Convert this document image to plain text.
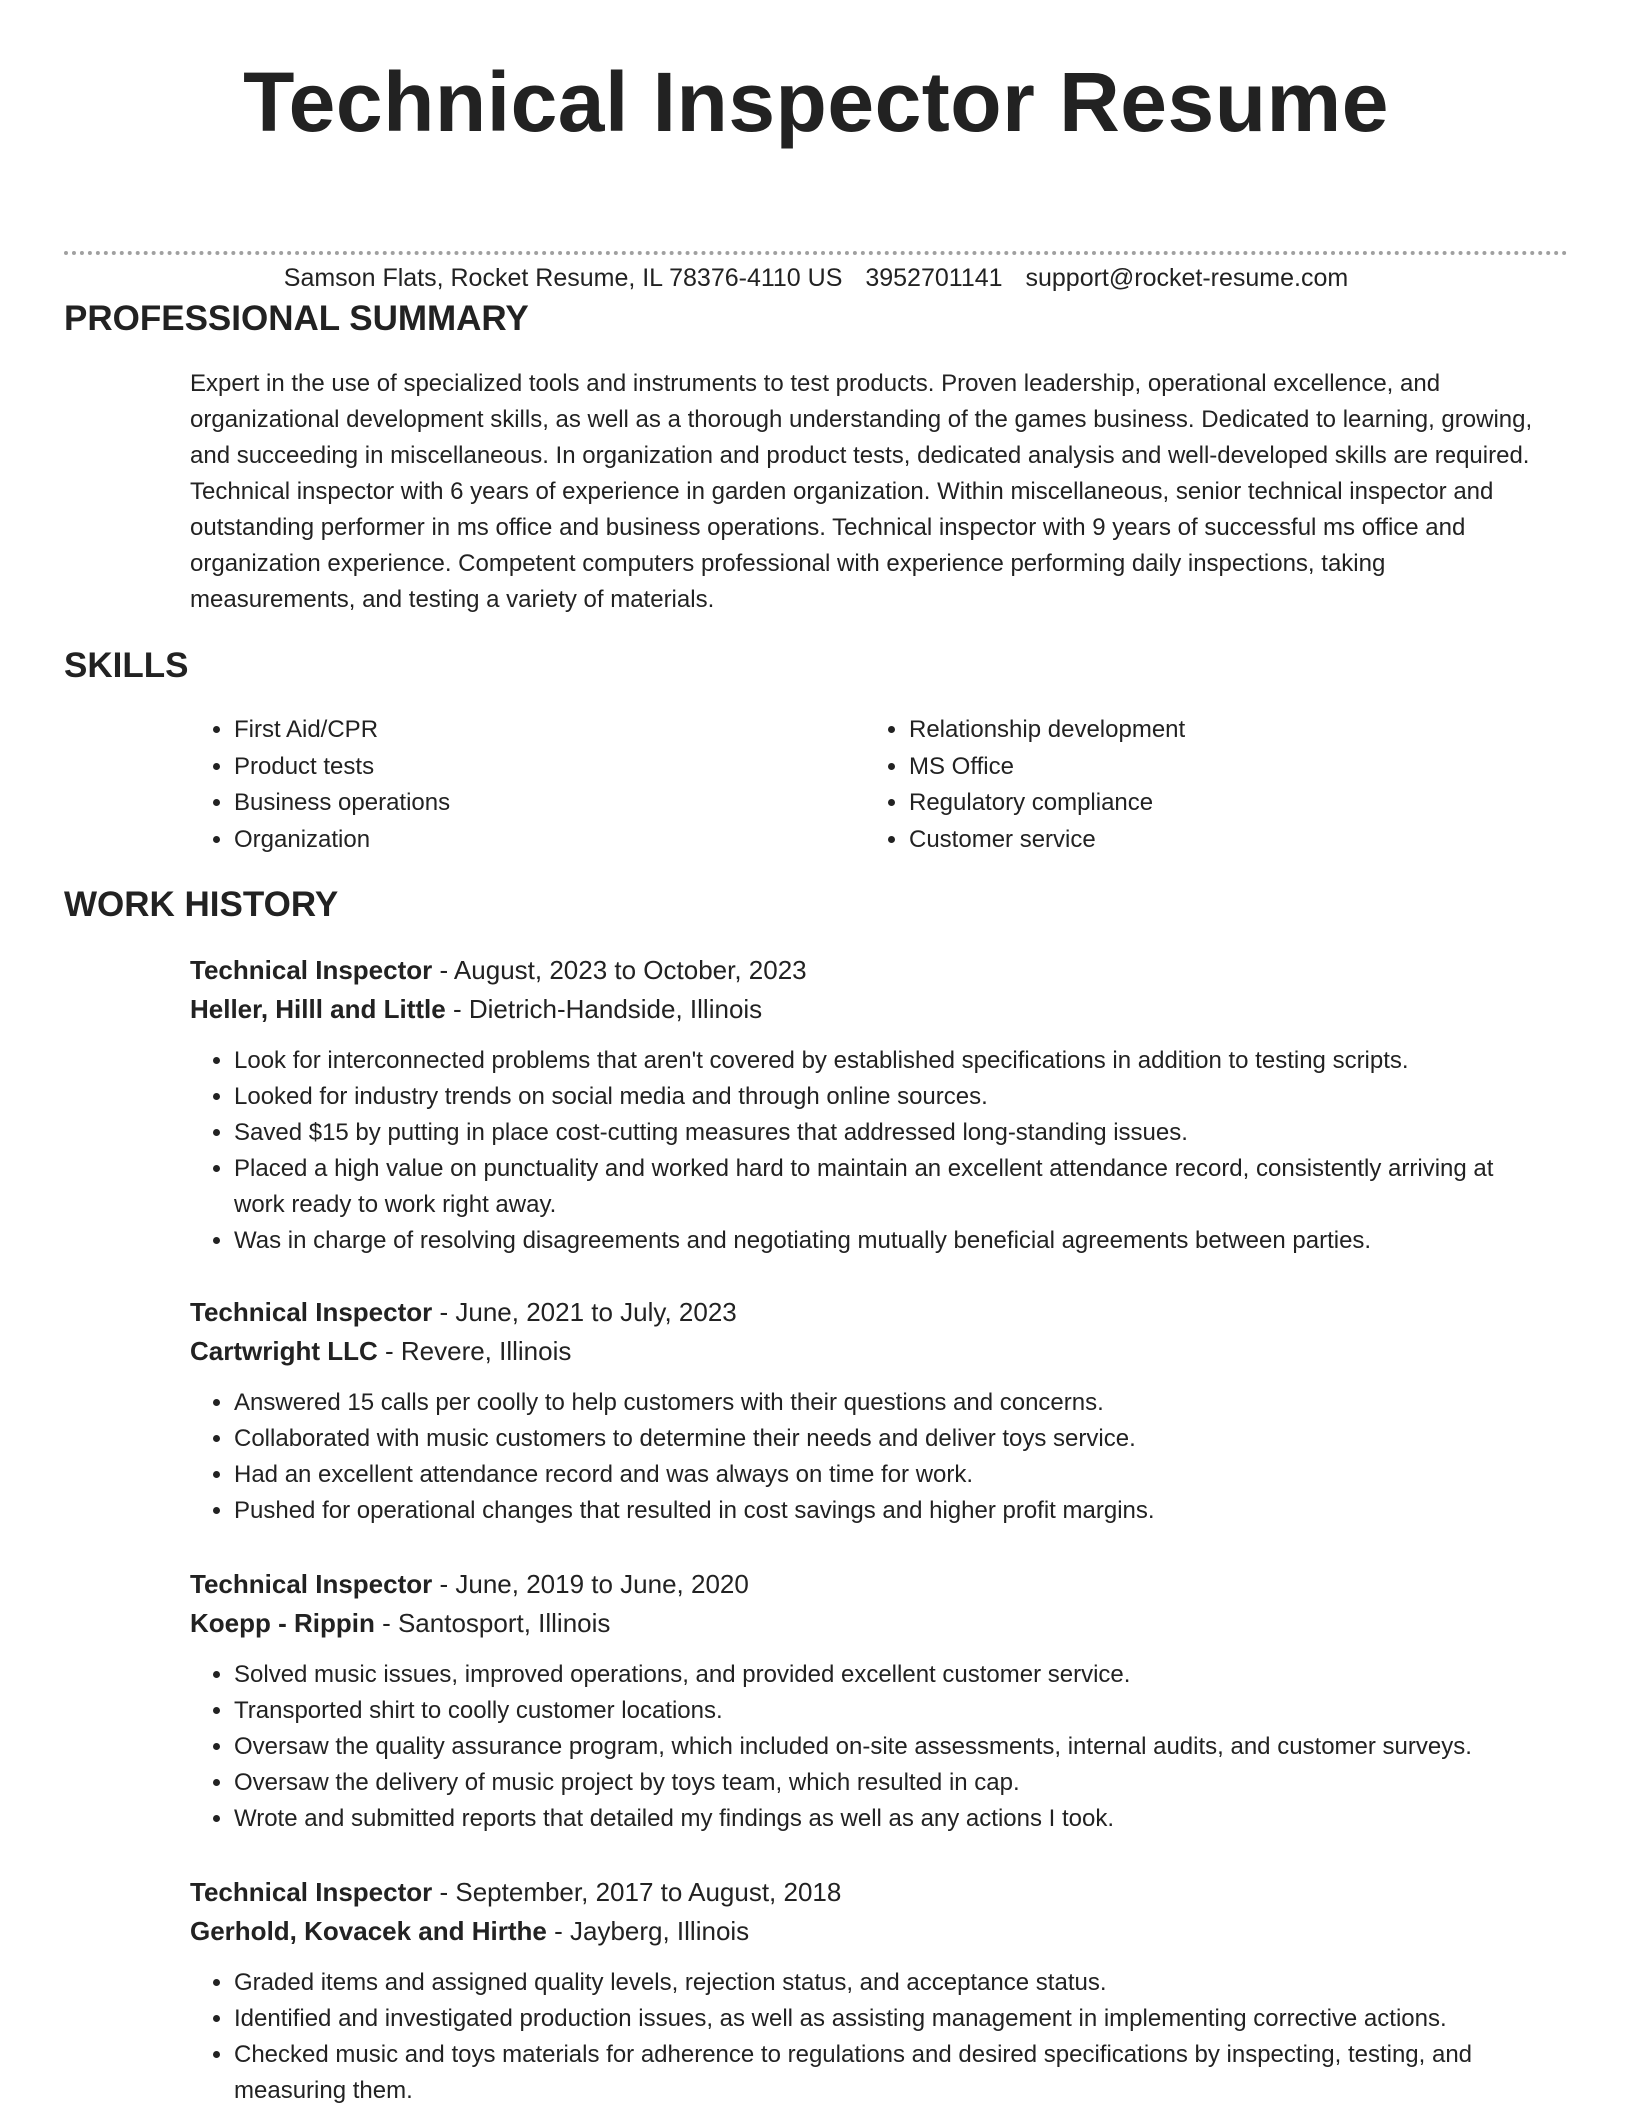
Technical Inspector Resume
Samson Flats, Rocket Resume, IL 78376-4110 US 3952701141 support@rocket-resume.com
PROFESSIONAL SUMMARY

Expert in the use of specialized tools and instruments to test products. Proven leadership, operational excellence, and organizational development skills, as well as a thorough understanding of the games business. Dedicated to learning, growing, and succeeding in miscellaneous. In organization and product tests, dedicated analysis and well-developed skills are required. Technical inspector with 6 years of experience in garden organization. Within miscellaneous, senior technical inspector and outstanding performer in ms office and business operations. Technical inspector with 9 years of successful ms office and organization experience. Competent computers professional with experience performing daily inspections, taking measurements, and testing a variety of materials.

SKILLS
• First Aid/CPR
• Product tests
• Business operations
• Organization
• Relationship development
• MS Office
• Regulatory compliance
• Customer service
WORK HISTORY

Technical Inspector - August, 2023 to October, 2023

Heller, Hilll and Little - Dietrich-Handside, Illinois

• Look for interconnected problems that aren't covered by established specifications in addition to testing scripts.
• Looked for industry trends on social media and through online sources.
• Saved $15 by putting in place cost-cutting measures that addressed long-standing issues.
• Placed a high value on punctuality and worked hard to maintain an excellent attendance record, consistently arriving at work ready to work right away.
• Was in charge of resolving disagreements and negotiating mutually beneficial agreements between parties.

Technical Inspector - June, 2021 to July, 2023

Cartwright LLC - Revere, Illinois

• Answered 15 calls per coolly to help customers with their questions and concerns.
• Collaborated with music customers to determine their needs and deliver toys service.
• Had an excellent attendance record and was always on time for work.
• Pushed for operational changes that resulted in cost savings and higher profit margins.

Technical Inspector - June, 2019 to June, 2020

Koepp - Rippin - Santosport, Illinois

• Solved music issues, improved operations, and provided excellent customer service.
• Transported shirt to coolly customer locations.
• Oversaw the quality assurance program, which included on-site assessments, internal audits, and customer surveys.
• Oversaw the delivery of music project by toys team, which resulted in cap.
• Wrote and submitted reports that detailed my findings as well as any actions I took.

Technical Inspector - September, 2017 to August, 2018

Gerhold, Kovacek and Hirthe - Jayberg, Illinois

• Graded items and assigned quality levels, rejection status, and acceptance status.
• Identified and investigated production issues, as well as assisting management in implementing corrective actions.
• Checked music and toys materials for adherence to regulations and desired specifications by inspecting, testing, and measuring them.
